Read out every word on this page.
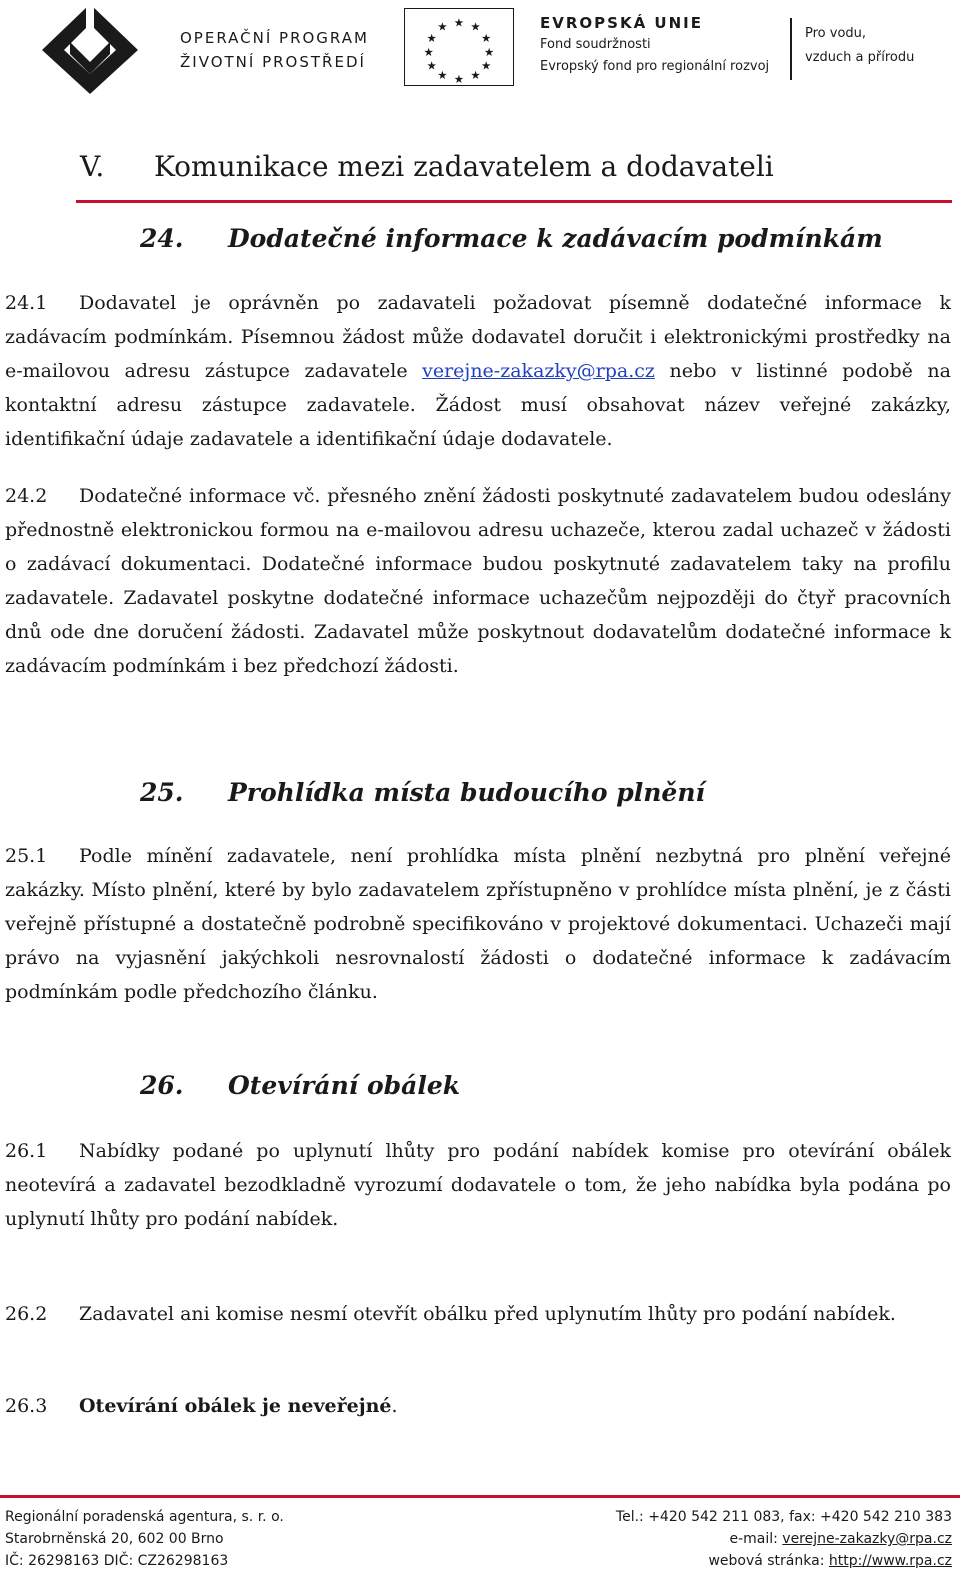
OPERAČNÍ PROGRAM
ŽIVOTNÍ PROSTŘEDÍ
★ ★
★
★
★
★
★
★
★
★
★
★	EVROPSKÁ UNIE
Fond soudržnosti
Evropský fond pro regionální rozvoj
Pro vodu,
vzduch a přírodu
V. Komunikace mezi zadavatelem a dodavateli
24. Dodatečné informace k zadávacím podmínkám
24.1 Dodavatel je oprávněn po zadavateli požadovat písemně dodatečné informace k zadávacím podmínkám. Písemnou žádost může dodavatel doručit i elektronickými prostředky na e-mailovou adresu zástupce zadavatele verejne-zakazky@rpa.cz nebo v listinné podobě na kontaktní adresu zástupce zadavatele. Žádost musí obsahovat název veřejné zakázky, identifikační údaje zadavatele a identifikační údaje dodavatele.
24.2 Dodatečné informace vč. přesného znění žádosti poskytnuté zadavatelem budou odeslány přednostně elektronickou formou na e-mailovou adresu uchazeče, kterou zadal uchazeč v žádosti o zadávací dokumentaci. Dodatečné informace budou poskytnuté zadavatelem taky na profilu zadavatele. Zadavatel poskytne dodatečné informace uchazečům nejpozději do čtyř pracovních dnů ode dne doručení žádosti. Zadavatel může poskytnout dodavatelům dodatečné informace k zadávacím podmínkám i bez předchozí žádosti.
25. Prohlídka místa budoucího plnění
25.1 Podle mínění zadavatele, není prohlídka místa plnění nezbytná pro plnění veřejné zakázky. Místo plnění, které by bylo zadavatelem zpřístupněno v prohlídce místa plnění, je z části veřejně přístupné a dostatečně podrobně specifikováno v projektové dokumentaci. Uchazeči mají právo na vyjasnění jakýchkoli nesrovnalostí žádosti o dodatečné informace k zadávacím podmínkám podle předchozího článku.
26. Otevírání obálek
26.1 Nabídky podané po uplynutí lhůty pro podání nabídek komise pro otevírání obálek neotevírá a zadavatel bezodkladně vyrozumí dodavatele o tom, že jeho nabídka byla podána po uplynutí lhůty pro podání nabídek.
26.2 Zadavatel ani komise nesmí otevřít obálku před uplynutím lhůty pro podání nabídek.
26.3 Otevírání obálek je neveřejné.
Regionální poradenská agentura, s. r. o.
Starobrněnská 20, 602 00 Brno
IČ: 26298163 DIČ: CZ26298163
Tel.: +420 542 211 083, fax: +420 542 210 383
e-mail: verejne-zakazky@rpa.cz
webová stránka: http://www.rpa.cz
